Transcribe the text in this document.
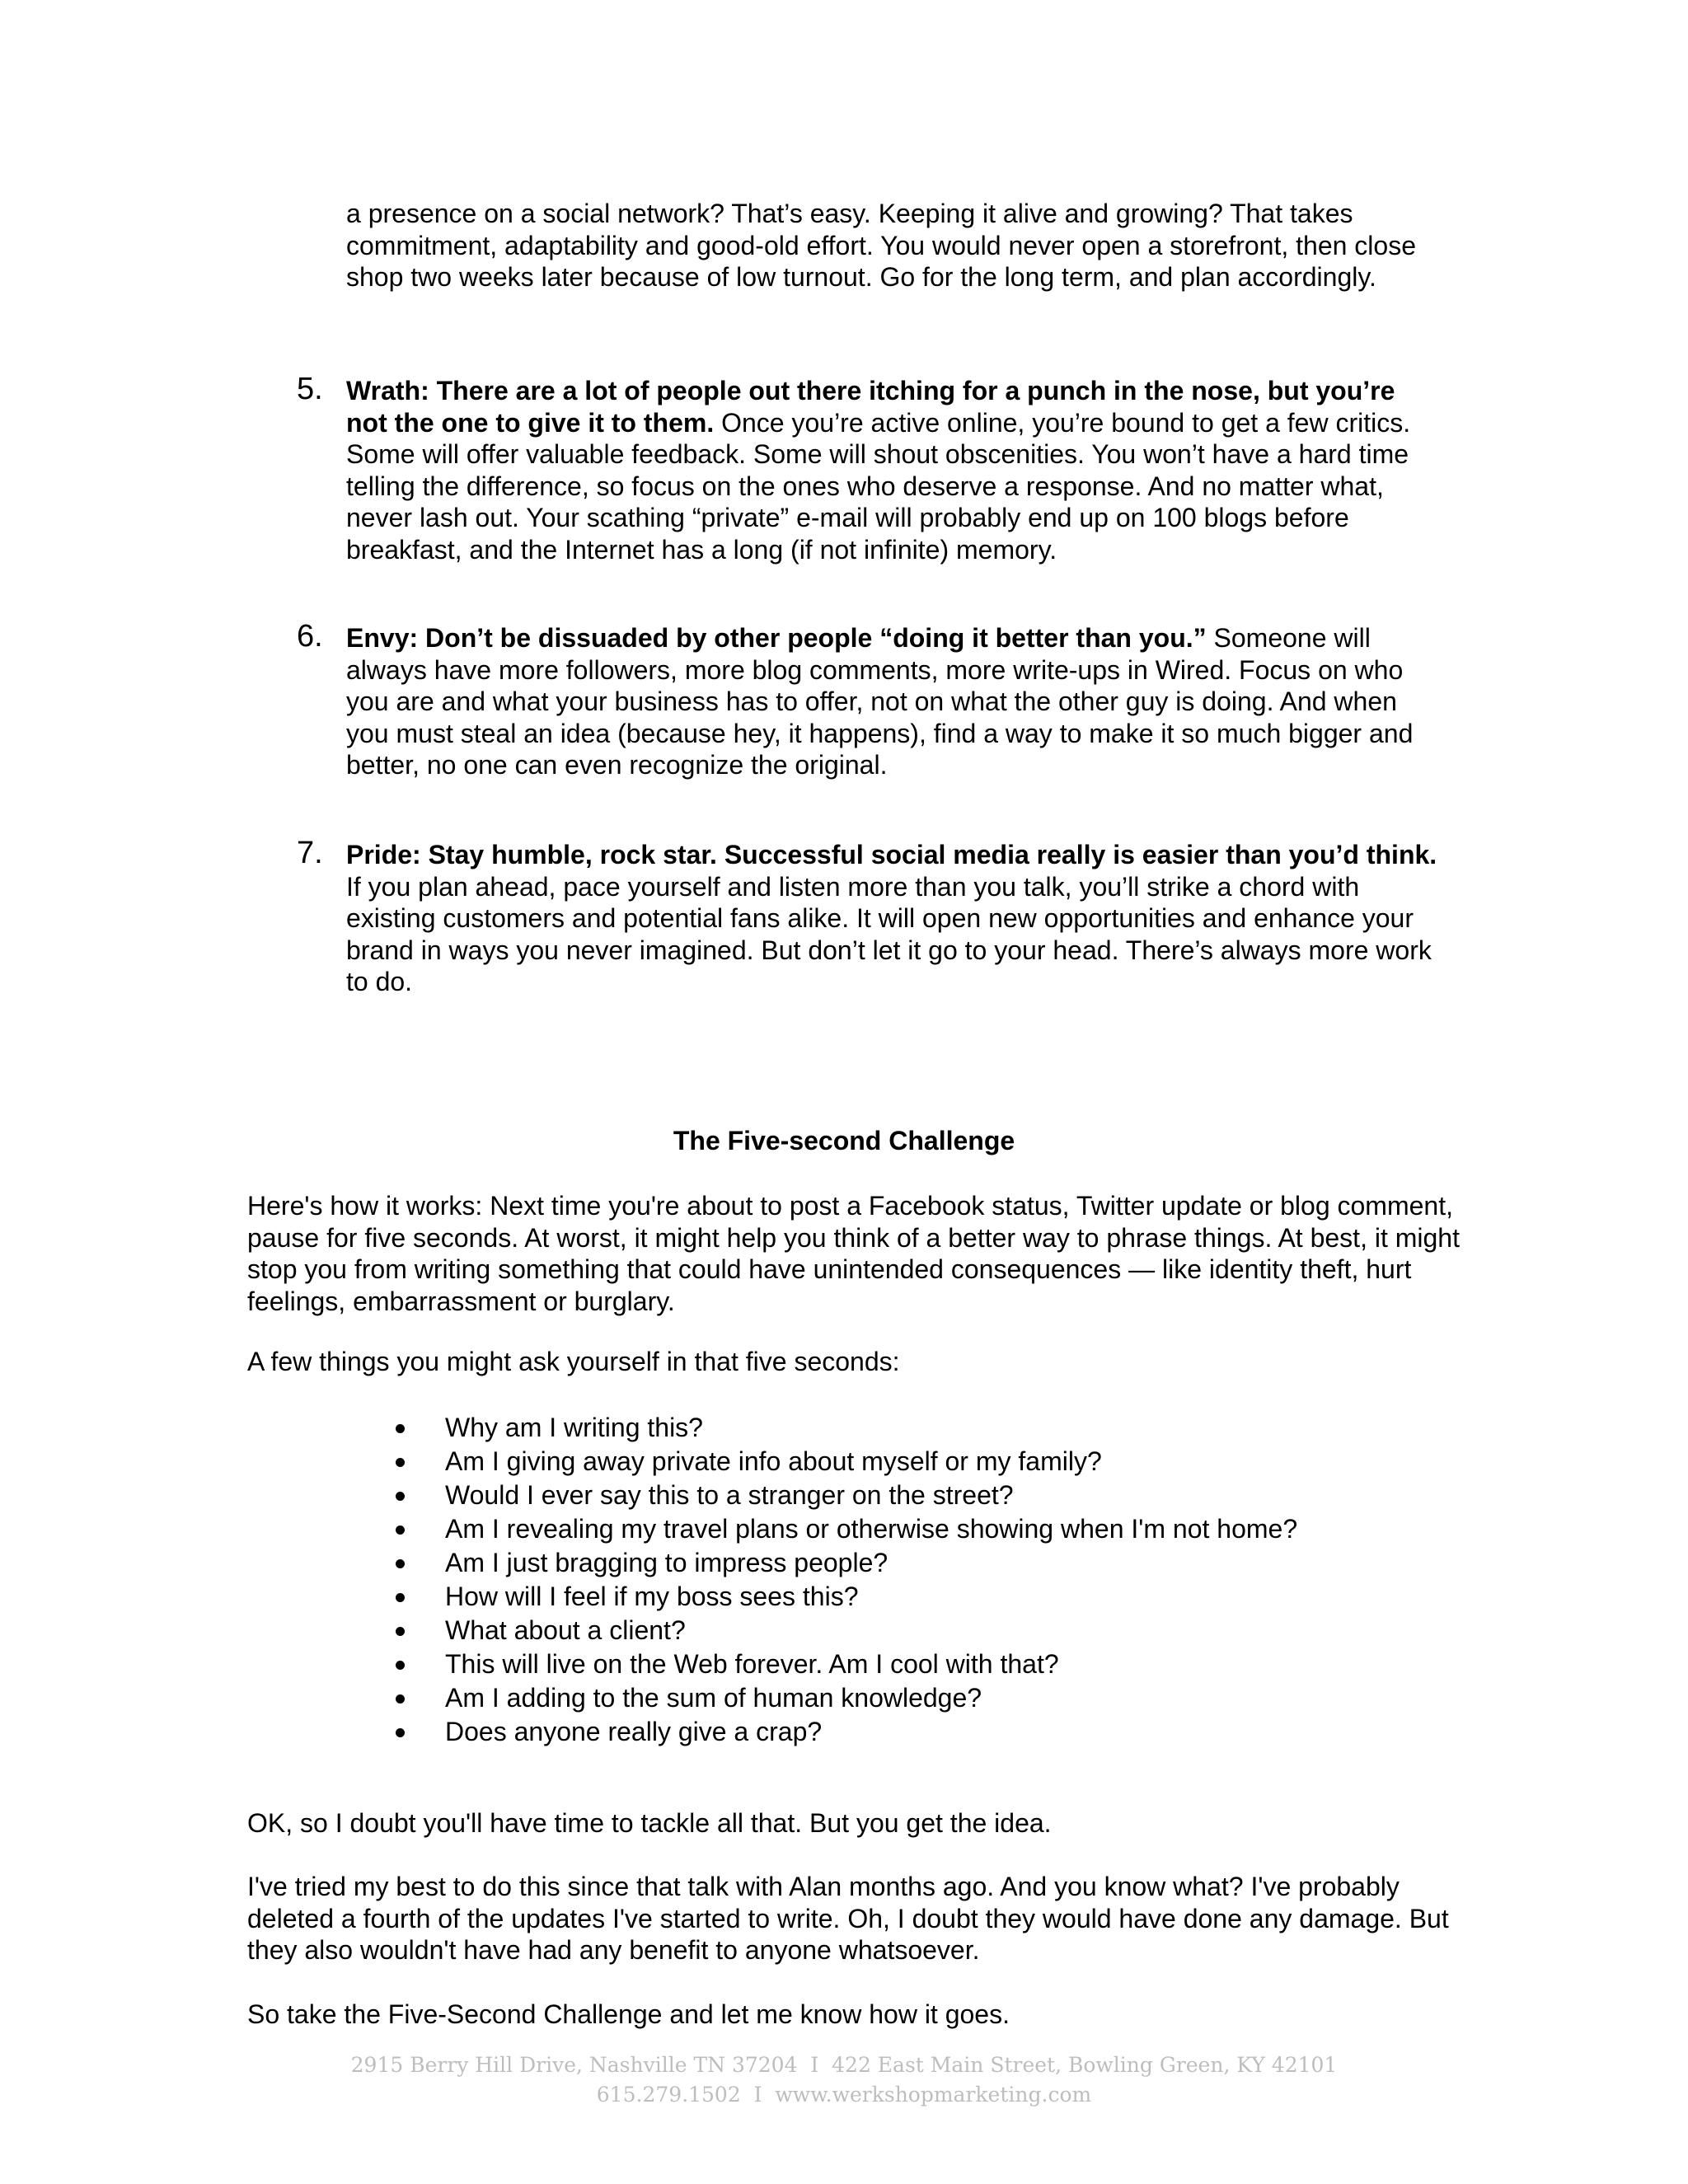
a presence on a social network? That’s easy. Keeping it alive and growing? That takes commitment, adaptability and good-old effort. You would never open a storefront, then close shop two weeks later because of low turnout. Go for the long term, and plan accordingly.

5. Wrath: There are a lot of people out there itching for a punch in the nose, but you’re not the one to give it to them. Once you’re active online, you’re bound to get a few critics. Some will offer valuable feedback. Some will shout obscenities. You won’t have a hard time telling the difference, so focus on the ones who deserve a response. And no matter what, never lash out. Your scathing “private” e-mail will probably end up on 100 blogs before breakfast, and the Internet has a long (if not infinite) memory.

6. Envy: Don’t be dissuaded by other people “doing it better than you.” Someone will always have more followers, more blog comments, more write-ups in Wired. Focus on who you are and what your business has to offer, not on what the other guy is doing. And when you must steal an idea (because hey, it happens), find a way to make it so much bigger and better, no one can even recognize the original.

7. Pride: Stay humble, rock star. Successful social media really is easier than you’d think. If you plan ahead, pace yourself and listen more than you talk, you’ll strike a chord with existing customers and potential fans alike. It will open new opportunities and enhance your brand in ways you never imagined. But don’t let it go to your head. There’s always more work to do.

The Five-second Challenge

Here's how it works: Next time you're about to post a Facebook status, Twitter update or blog comment, pause for five seconds. At worst, it might help you think of a better way to phrase things. At best, it might stop you from writing something that could have unintended consequences — like identity theft, hurt feelings, embarrassment or burglary.

A few things you might ask yourself in that five seconds:

Why am I writing this?
Am I giving away private info about myself or my family?
Would I ever say this to a stranger on the street?
Am I revealing my travel plans or otherwise showing when I'm not home?
Am I just bragging to impress people?
How will I feel if my boss sees this?
What about a client?
This will live on the Web forever. Am I cool with that?
Am I adding to the sum of human knowledge?
Does anyone really give a crap?

OK, so I doubt you'll have time to tackle all that. But you get the idea.

I've tried my best to do this since that talk with Alan months ago. And you know what? I've probably deleted a fourth of the updates I've started to write. Oh, I doubt they would have done any damage. But they also wouldn't have had any benefit to anyone whatsoever.

So take the Five-Second Challenge and let me know how it goes.

2915 Berry Hill Drive, Nashville TN 37204  I  422 East Main Street, Bowling Green, KY 42101
615.279.1502  I  www.werkshopmarketing.com
